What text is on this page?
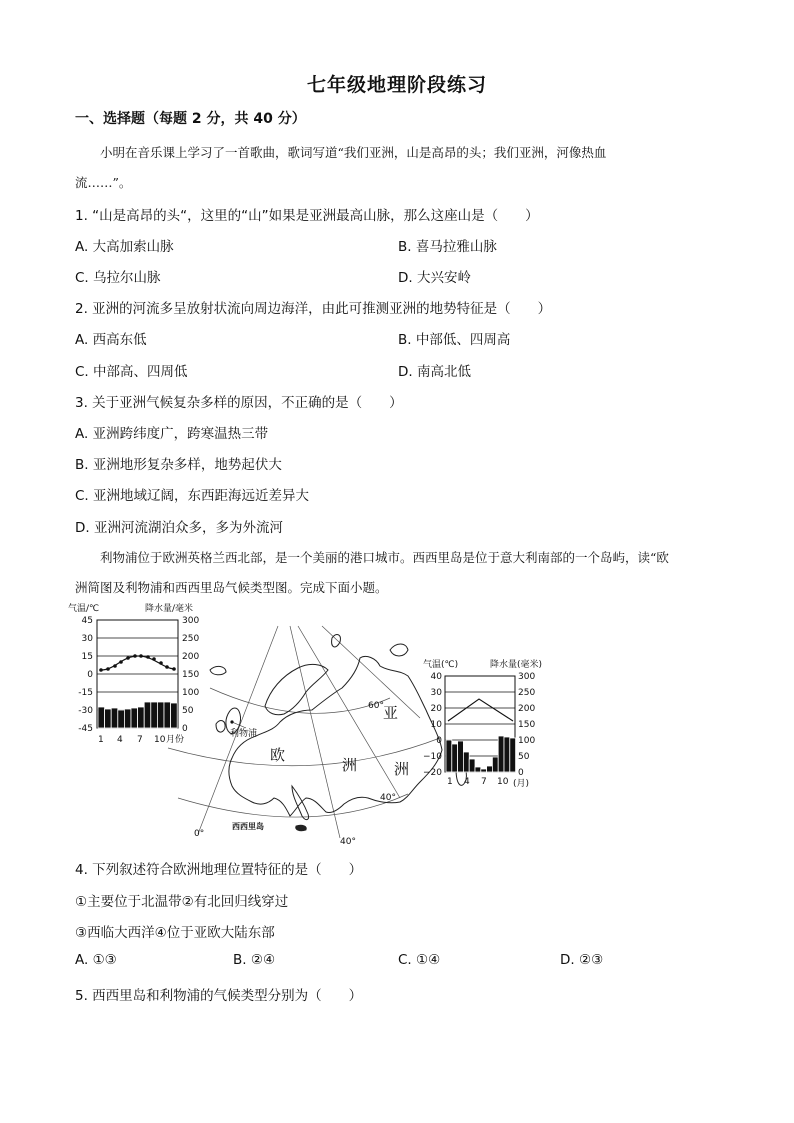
七年级地理阶段练习
一、选择题（每题 2 分，共 40 分）
小明在音乐课上学习了一首歌曲，歌词写道“我们亚洲，山是高昂的头；我们亚洲，河像热血
流……”。
1. “山是高昂的头“，这里的“山”如果是亚洲最高山脉，那么这座山是（　　）
A. 大高加索山脉	B. 喜马拉雅山脉
C. 乌拉尔山脉	D. 大兴安岭
2. 亚洲的河流多呈放射状流向周边海洋，由此可推测亚洲的地势特征是（　　）
A. 西高东低	B. 中部低、四周高
C. 中部高、四周低	D. 南高北低
3. 关于亚洲气候复杂多样的原因，不正确的是（　　）
A. 亚洲跨纬度广，跨寒温热三带
B. 亚洲地形复杂多样，地势起伏大
C. 亚洲地域辽阔，东西距海远近差异大
D. 亚洲河流湖泊众多，多为外流河
利物浦位于欧洲英格兰西北部，是一个美丽的港口城市。西西里岛是位于意大利南部的一个岛屿，读“欧
洲简图及利物浦和西西里岛气候类型图。完成下面小题。
气温/℃	降水量/毫米
45
30
15
0
-15
-30
-45
300
250
200
150
100
50
0
1 4 7 10 月份
利物浦
西西里岛
亚
欧
洲 洲
60°
40°
0°
40°
气温(℃)	降水量(毫米)
40
30
20
10
0
−10
−20
300
250
200
150
100
50
0
1 4 7 10 (月)
4. 下列叙述符合欧洲地理位置特征的是（　　）
①主要位于北温带②有北回归线穿过
③西临大西洋④位于亚欧大陆东部
A. ①③	B. ②④	C. ①④	D. ②③
5. 西西里岛和利物浦的气候类型分别为（　　）
